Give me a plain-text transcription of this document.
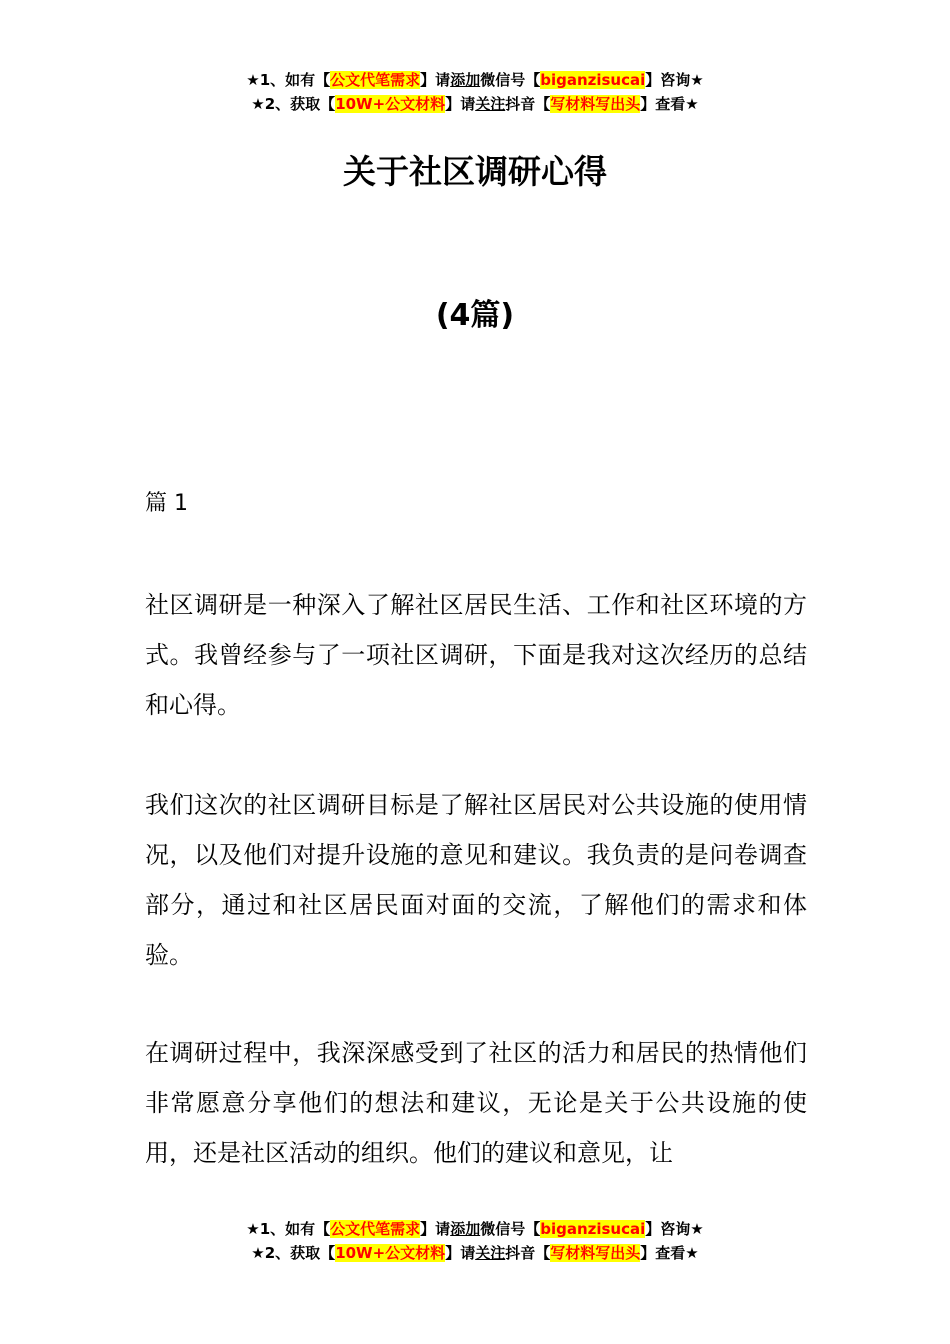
★1、如有【公文代笔需求】请添加微信号【biganzisucai】咨询★
★2、获取【10W+公文材料】请关注抖音【写材料写出头】查看★
关于社区调研心得
(4篇)
篇 1

社区调研是一种深入了解社区居民生活、工作和社区环境的方式。我曾经参与了一项社区调研，下面是我对这次经历的总结和心得。

我们这次的社区调研目标是了解社区居民对公共设施的使用情况，以及他们对提升设施的意见和建议。我负责的是问卷调查部分，通过和社区居民面对面的交流，了解他们的需求和体验。

在调研过程中，我深深感受到了社区的活力和居民的热情他们非常愿意分享他们的想法和建议，无论是关于公共设施的使用，还是社区活动的组织。他们的建议和意见，让

★1、如有【公文代笔需求】请添加微信号【biganzisucai】咨询★
★2、获取【10W+公文材料】请关注抖音【写材料写出头】查看★
